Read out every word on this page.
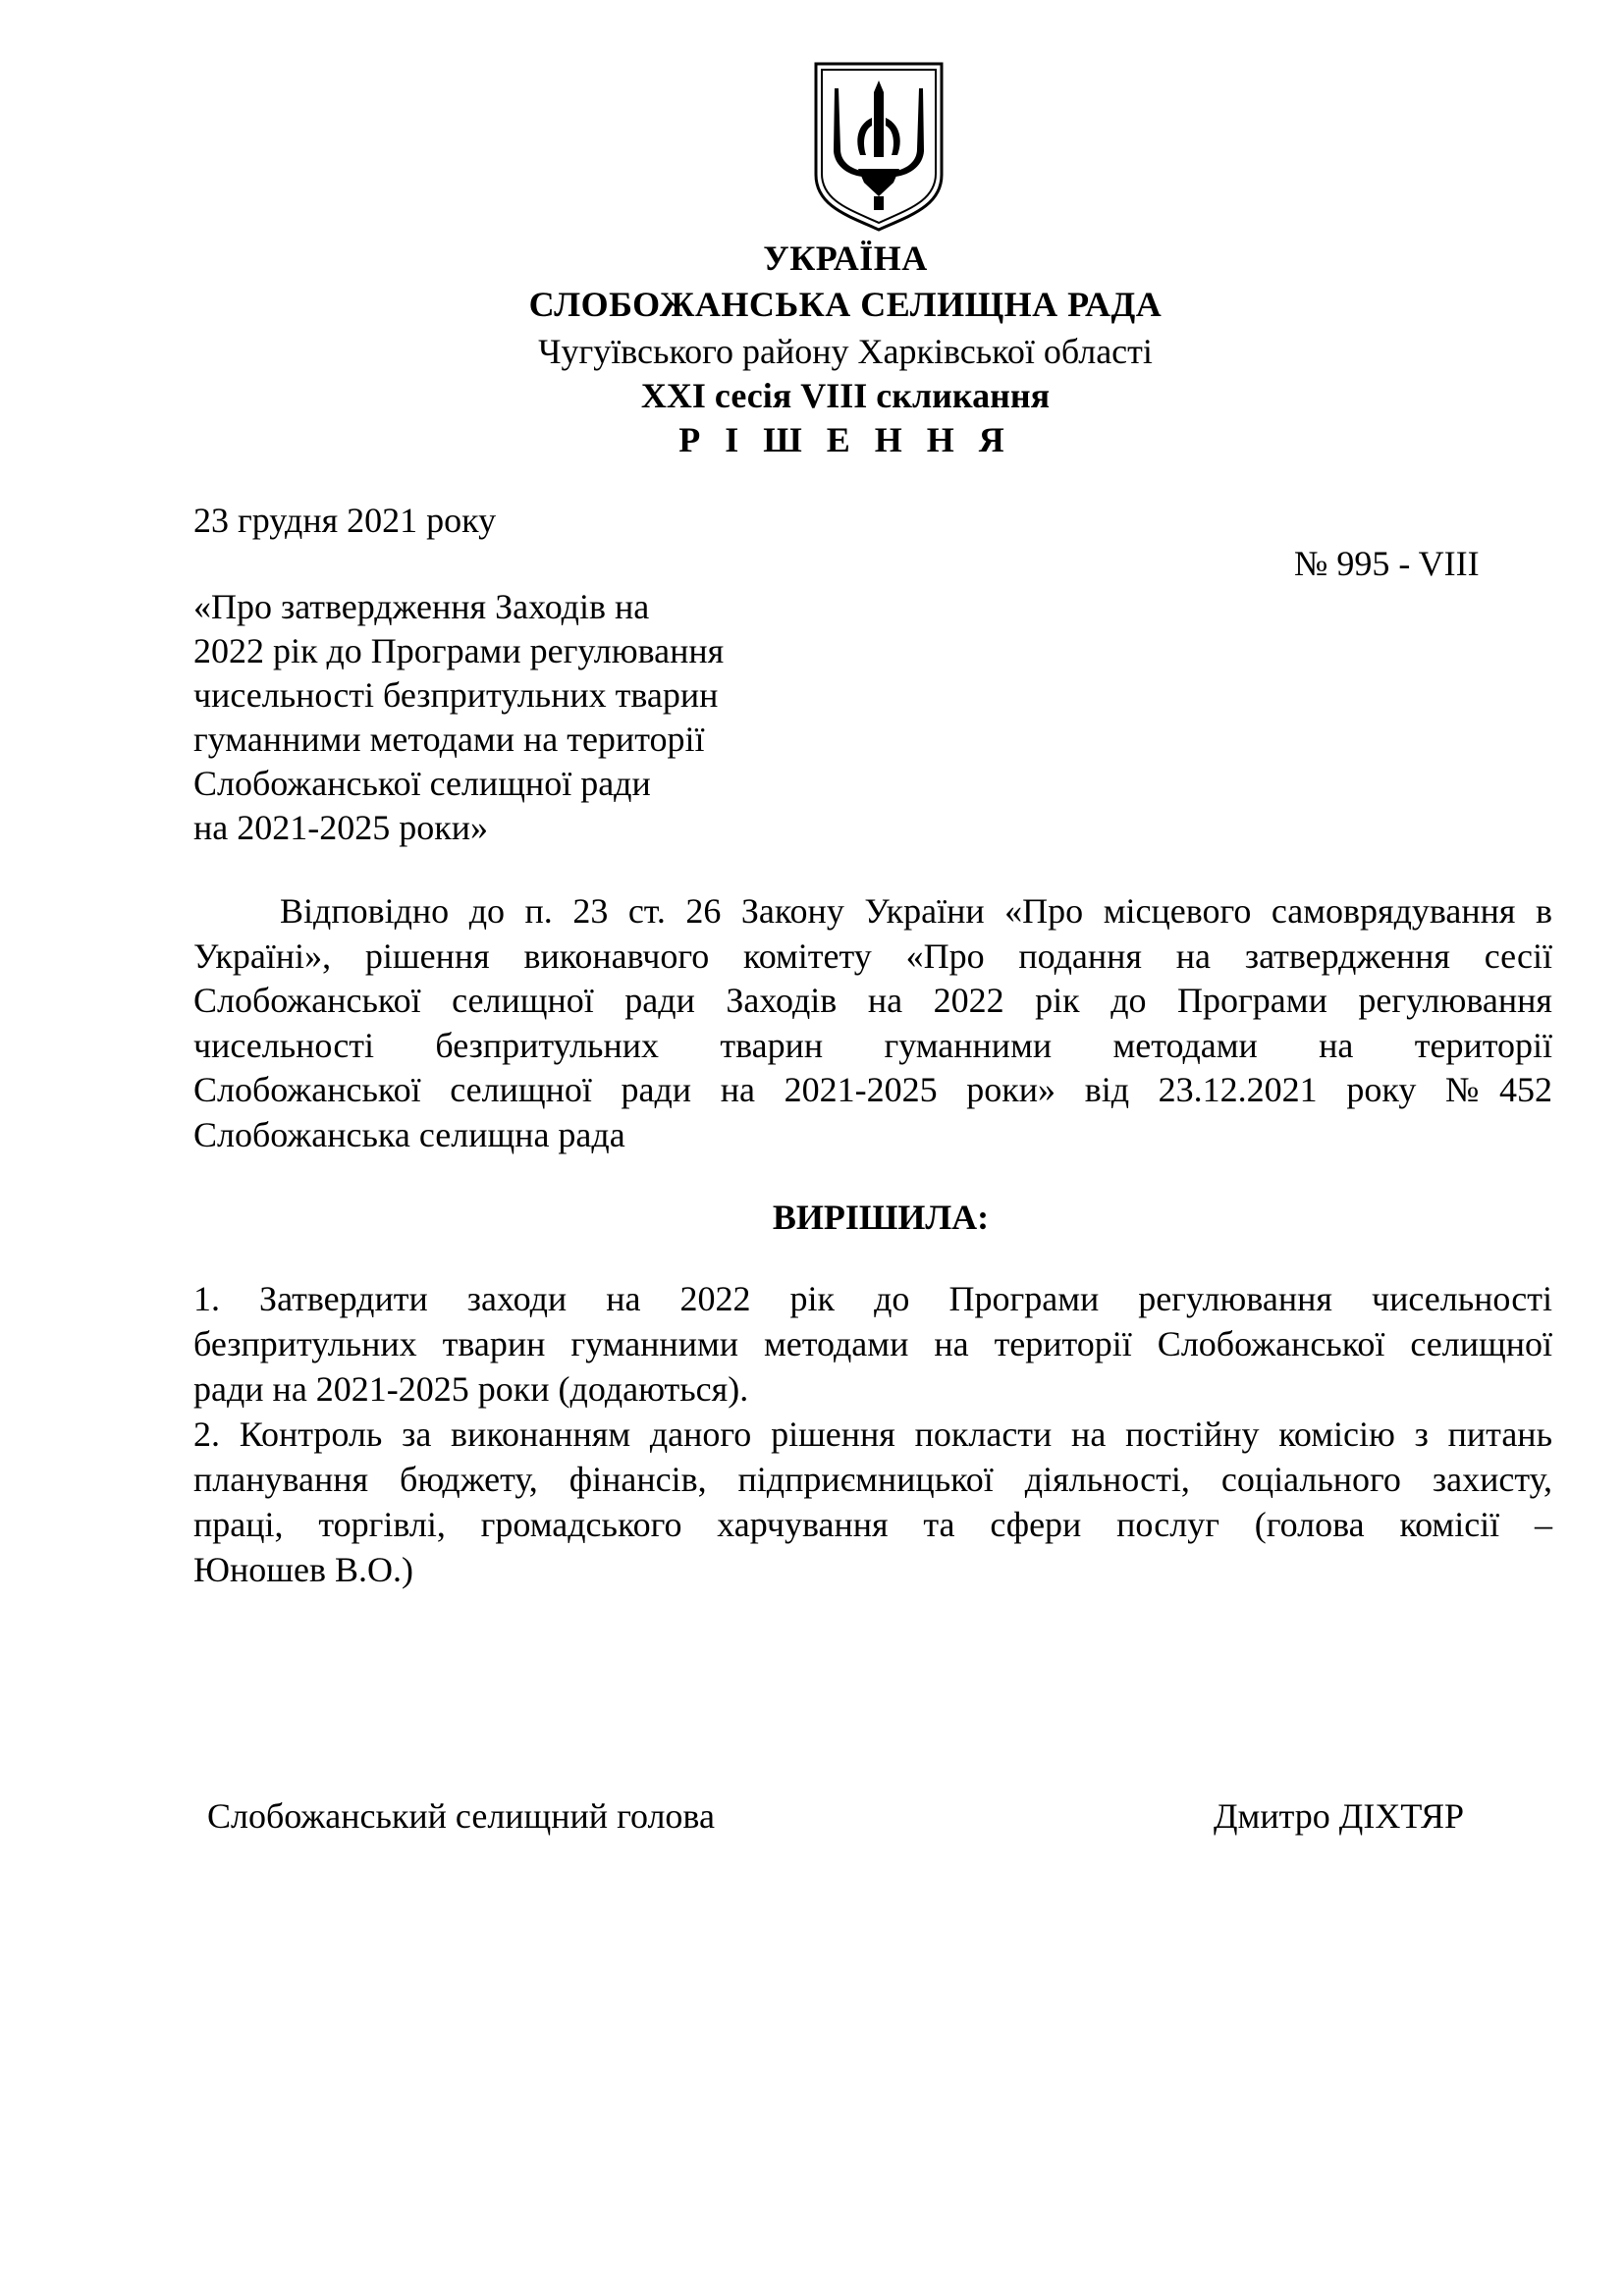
УКРАЇНА

СЛОБОЖАНСЬКА СЕЛИЩНА РАДА

Чугуївського району Харківської області

XXI сесія VIII скликання

Р І Ш Е Н Н Я

23 грудня 2021 року

№ 995 - VIII

«Про затвердження Заходів на
2022 рік до Програми регулювання
чисельності безпритульних тварин
гуманними методами на території
Слобожанської селищної ради
на 2021-2025 роки»
Відповідно до п. 23 ст. 26 Закону України «Про місцевого самоврядування в
Україні», рішення виконавчого комітету «Про подання на затвердження сесії
Слобожанської селищної ради Заходів на 2022 рік до Програми регулювання
чисельності безпритульних тварин гуманними методами на території
Слобожанської селищної ради на 2021-2025 роки» від 23.12.2021 року №452
Слобожанська селищна рада

ВИРІШИЛА:

1. Затвердити заходи на 2022 рік до Програми регулювання чисельності
безпритульних тварин гуманними методами на території Слобожанської селищної
ради на 2021-2025 роки (додаються).
2. Контроль за виконанням даного рішення покласти на постійну комісію з питань
планування бюджету, фінансів, підприємницької діяльності, соціального захисту,
праці, торгівлі, громадського харчування та сфери послуг (голова комісії –
Юношев В.О.)

Слобожанський селищний голова	Дмитро ДІХТЯР
